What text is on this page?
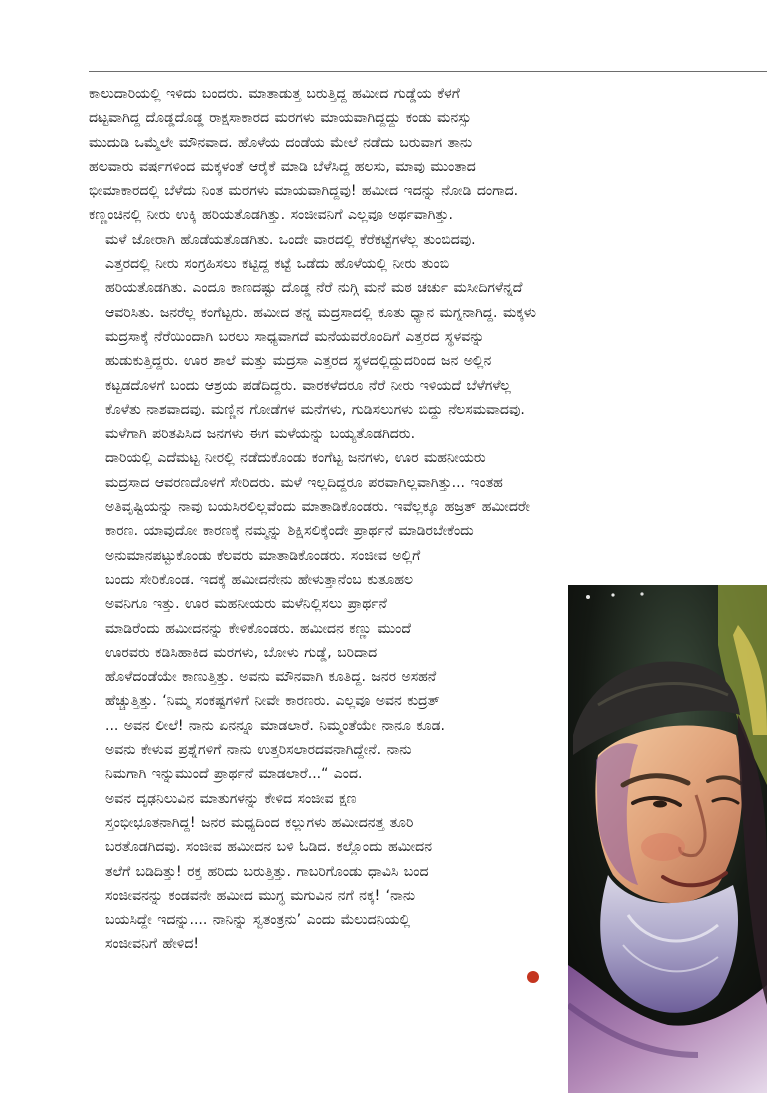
ಕಾಲುದಾರಿಯಲ್ಲಿ ಇಳಿದು ಬಂದರು. ಮಾತಾಡುತ್ತ ಬರುತ್ತಿದ್ದ ಹಮೀದ ಗುಡ್ಡೆಯ ಕೆಳಗೆ
ದಟ್ಟವಾಗಿದ್ದ ದೊಡ್ಡದೊಡ್ಡ ರಾಕ್ಷಸಾಕಾರದ ಮರಗಳು ಮಾಯವಾಗಿದ್ದದ್ದು ಕಂಡು ಮನಸ್ಸು
ಮುದುಡಿ ಒಮ್ಮೆಲೇ ಮೌನವಾದ. ಹೊಳೆಯ ದಂಡೆಯ ಮೇಲೆ ನಡೆದು ಬರುವಾಗ ತಾನು
ಹಲವಾರು ವರ್ಷಗಳಿಂದ ಮಕ್ಕಳಂತೆ ಆರೈಕೆ ಮಾಡಿ ಬೆಳೆಸಿದ್ದ ಹಲಸು, ಮಾವು ಮುಂತಾದ
ಭೀಮಾಕಾರದಲ್ಲಿ ಬೆಳೆದು ನಿಂತ ಮರಗಳು ಮಾಯವಾಗಿದ್ದವು! ಹಮೀದ ಇದನ್ನು ನೋಡಿ ದಂಗಾದ.
ಕಣ್ಣಂಚಿನಲ್ಲಿ ನೀರು ಉಕ್ಕಿ ಹರಿಯತೊಡಗಿತ್ತು. ಸಂಜೀವನಿಗೆ ಎಲ್ಲವೂ ಅರ್ಥವಾಗಿತ್ತು.
ಮಳೆ ಜೋರಾಗಿ ಹೊಡೆಯತೊಡಗಿತು. ಒಂದೇ ವಾರದಲ್ಲಿ ಕೆರೆಕಟ್ಟೆಗಳೆಲ್ಲ ತುಂಬಿದವು.
ಎತ್ತರದಲ್ಲಿ ನೀರು ಸಂಗ್ರಹಿಸಲು ಕಟ್ಟಿದ್ದ ಕಟ್ಟೆ ಒಡೆದು ಹೊಳೆಯಲ್ಲಿ ನೀರು ತುಂಬಿ
ಹರಿಯತೊಡಗಿತು. ಎಂದೂ ಕಾಣದಷ್ಟು ದೊಡ್ಡ ನೆರೆ ನುಗ್ಗಿ ಮನೆ ಮಠ ಚರ್ಚು ಮಸೀದಿಗಳೆನ್ನದೆ
ಆವರಿಸಿತು. ಜನರೆಲ್ಲ ಕಂಗೆಟ್ಟರು. ಹಮೀದ ತನ್ನ ಮದ್ರಸಾದಲ್ಲಿ ಕೂತು ಧ್ಯಾನ ಮಗ್ನನಾಗಿದ್ದ. ಮಕ್ಕಳು
ಮದ್ರಸಾಕ್ಕೆ ನೆರೆಯಿಂದಾಗಿ ಬರಲು ಸಾಧ್ಯವಾಗದೆ ಮನೆಯವರೊಂದಿಗೆ ಎತ್ತರದ ಸ್ಥಳವನ್ನು
ಹುಡುಕುತ್ತಿದ್ದರು. ಊರ ಶಾಲೆ ಮತ್ತು ಮದ್ರಸಾ ಎತ್ತರದ ಸ್ಥಳದಲ್ಲಿದ್ದುದರಿಂದ ಜನ ಅಲ್ಲಿನ
ಕಟ್ಟಡದೊಳಗೆ ಬಂದು ಆಶ್ರಯ ಪಡೆದಿದ್ದರು. ವಾರಕಳೆದರೂ ನೆರೆ ನೀರು ಇಳಿಯದೆ ಬೆಳೆಗಳೆಲ್ಲ
ಕೊಳೆತು ನಾಶವಾದವು. ಮಣ್ಣಿನ ಗೋಡೆಗಳ ಮನೆಗಳು, ಗುಡಿಸಲುಗಳು ಬಿದ್ದು ನೆಲಸಮವಾದವು.
ಮಳೆಗಾಗಿ ಪರಿತಪಿಸಿದ ಜನಗಳು ಈಗ ಮಳೆಯನ್ನು ಬಯ್ಯತೊಡಗಿದರು.
ದಾರಿಯಲ್ಲಿ ಎದೆಮಟ್ಟ ನೀರಲ್ಲಿ ನಡೆದುಕೊಂಡು ಕಂಗೆಟ್ಟ ಜನಗಳು, ಊರ ಮಹನೀಯರು
ಮದ್ರಸಾದ ಆವರಣದೊಳಗೆ ಸೇರಿದರು. ಮಳೆ ಇಲ್ಲದಿದ್ದರೂ ಪರವಾಗಿಲ್ಲವಾಗಿತ್ತು... ಇಂತಹ
ಅತಿವೃಷ್ಟಿಯನ್ನು ನಾವು ಬಯಸಿರಲಿಲ್ಲವೆಂದು ಮಾತಾಡಿಕೊಂಡರು. ಇವೆಲ್ಲಕ್ಕೂ ಹಜ್ರತ್ ಹಮೀದರೇ
ಕಾರಣ. ಯಾವುದೋ ಕಾರಣಕ್ಕೆ ನಮ್ಮನ್ನು ಶಿಕ್ಷಿಸಲಿಕ್ಕೆಂದೇ ಪ್ರಾರ್ಥನೆ ಮಾಡಿರಬೇಕೆಂದು
ಅನುಮಾನಪಟ್ಟುಕೊಂಡು ಕೆಲವರು ಮಾತಾಡಿಕೊಂಡರು. ಸಂಜೀವ ಅಲ್ಲಿಗೆ
ಬಂದು ಸೇರಿಕೊಂಡ. ಇದಕ್ಕೆ ಹಮೀದನೇನು ಹೇಳುತ್ತಾನೆಂಬ ಕುತೂಹಲ
ಅವನಿಗೂ ಇತ್ತು. ಊರ ಮಹನೀಯರು ಮಳೆನಿಲ್ಲಿಸಲು ಪ್ರಾರ್ಥನೆ
ಮಾಡಿರೆಂದು ಹಮೀದನನ್ನು ಕೇಳಿಕೊಂಡರು. ಹಮೀದನ ಕಣ್ಣು ಮುಂದೆ
ಊರವರು ಕಡಿಸಿಹಾಕಿದ ಮರಗಳು, ಬೋಳು ಗುಡ್ಡೆ, ಬರಿದಾದ
ಹೊಳೆದಂಡೆಯೇ ಕಾಣುತ್ತಿತ್ತು. ಅವನು ಮೌನವಾಗಿ ಕೂತಿದ್ದ. ಜನರ ಅಸಹನೆ
ಹೆಚ್ಚುತ್ತಿತ್ತು. ‘ನಿಮ್ಮ ಸಂಕಷ್ಟಗಳಿಗೆ ನೀವೇ ಕಾರಣರು. ಎಲ್ಲವೂ ಅವನ ಕುದ್ರತ್
... ಅವನ ಲೀಲೆ! ನಾನು ಏನನ್ನೂ ಮಾಡಲಾರೆ. ನಿಮ್ಮಂತೆಯೇ ನಾನೂ ಕೂಡ.
ಅವನು ಕೇಳುವ ಪ್ರಶ್ನೆಗಳಿಗೆ ನಾನು ಉತ್ತರಿಸಲಾರದವನಾಗಿದ್ದೇನೆ. ನಾನು
ನಿಮಗಾಗಿ ಇನ್ನುಮುಂದೆ ಪ್ರಾರ್ಥನೆ ಮಾಡಲಾರೆ...“ ಎಂದ.
ಅವನ ದೃಢನಿಲುವಿನ ಮಾತುಗಳನ್ನು ಕೇಳಿದ ಸಂಜೀವ ಕ್ಷಣ
ಸ್ತಂಭೀಭೂತನಾಗಿದ್ದ! ಜನರ ಮಧ್ಯದಿಂದ ಕಲ್ಲುಗಳು ಹಮೀದನತ್ತ ತೂರಿ
ಬರತೊಡಗಿದವು. ಸಂಜೀವ ಹಮೀದನ ಬಳಿ ಓಡಿದ. ಕಲ್ಲೊಂದು ಹಮೀದನ
ತಲೆಗೆ ಬಡಿದಿತ್ತು! ರಕ್ತ ಹರಿದು ಬರುತ್ತಿತ್ತು. ಗಾಬರಿಗೊಂಡು ಧಾವಿಸಿ ಬಂದ
ಸಂಜೀವನನ್ನು ಕಂಡವನೇ ಹಮೀದ ಮುಗ್ಧ ಮಗುವಿನ ನಗೆ ನಕ್ಕ! ‘ನಾನು
ಬಯಸಿದ್ದೇ ಇದನ್ನು.... ನಾನಿನ್ನು ಸ್ವತಂತ್ರನು’ ಎಂದು ಮೆಲುದನಿಯಲ್ಲಿ
ಸಂಜೀವನಿಗೆ ಹೇಳಿದ!
